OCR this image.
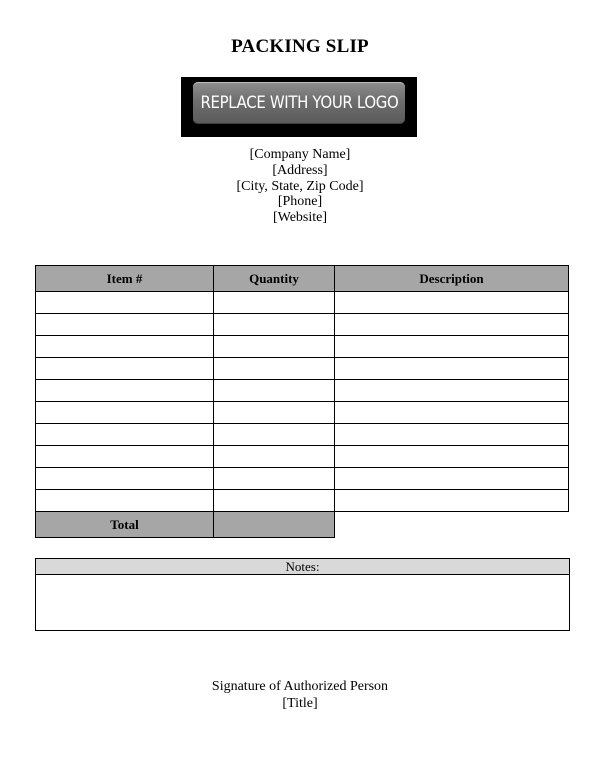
PACKING SLIP
REPLACE WITH YOUR LOGO
[Company Name]
[Address]
[City, State, Zip Code]
[Phone]
[Website]
Item #	Quantity	Description

Total		
Notes:
Signature of Authorized Person
[Title]
